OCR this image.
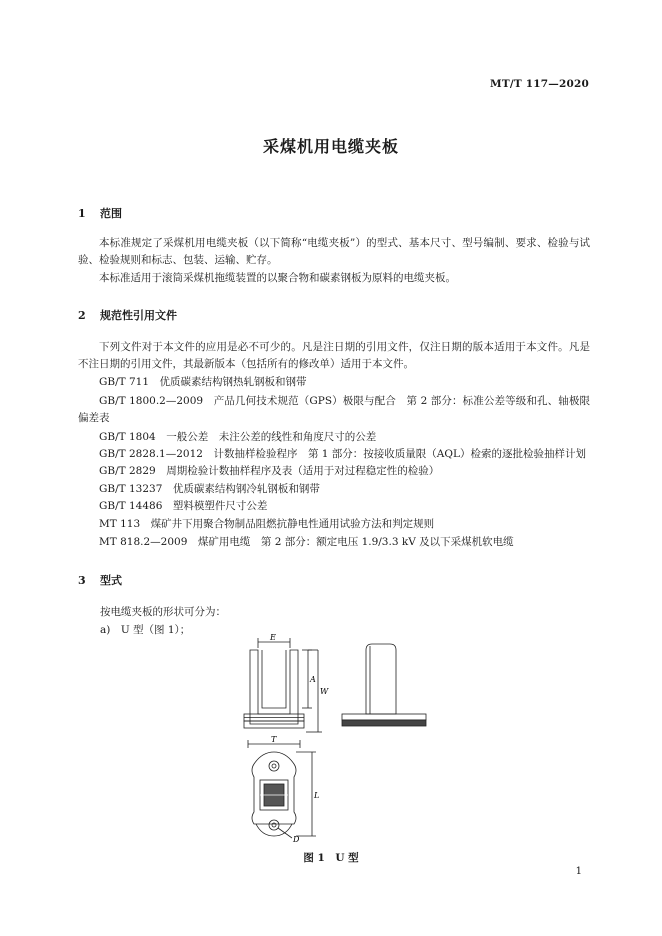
MT/T 117—2020
采煤机用电缆夹板
1 范围
本标准规定了采煤机用电缆夹板（以下简称“电缆夹板”）的型式、基本尺寸、型号编制、要求、检验与试验、检验规则和标志、包装、运输、贮存。
本标准适用于滚筒采煤机拖缆装置的以聚合物和碳素钢板为原料的电缆夹板。
2 规范性引用文件
下列文件对于本文件的应用是必不可少的。凡是注日期的引用文件，仅注日期的版本适用于本文件。凡是不注日期的引用文件，其最新版本（包括所有的修改单）适用于本文件。
GB/T 711　优质碳素结构钢热轧钢板和钢带
GB/T 1800.2—2009　产品几何技术规范（GPS）极限与配合　第 2 部分：标准公差等级和孔、轴极限偏差表
GB/T 1804　一般公差　未注公差的线性和角度尺寸的公差
GB/T 2828.1—2012　计数抽样检验程序　第 1 部分：按接收质量限（AQL）检索的逐批检验抽样计划
GB/T 2829　周期检验计数抽样程序及表（适用于对过程稳定性的检验）
GB/T 13237　优质碳素结构钢冷轧钢板和钢带
GB/T 14486　塑料模塑件尺寸公差
MT 113　煤矿井下用聚合物制品阻燃抗静电性通用试验方法和判定规则
MT 818.2—2009　煤矿用电缆　第 2 部分：额定电压 1.9/3.3 kV 及以下采煤机软电缆
3 型式
按电缆夹板的形状可分为：
a)　U 型（图 1）；
E
A
W
T
L
D
图 1　U 型
1
